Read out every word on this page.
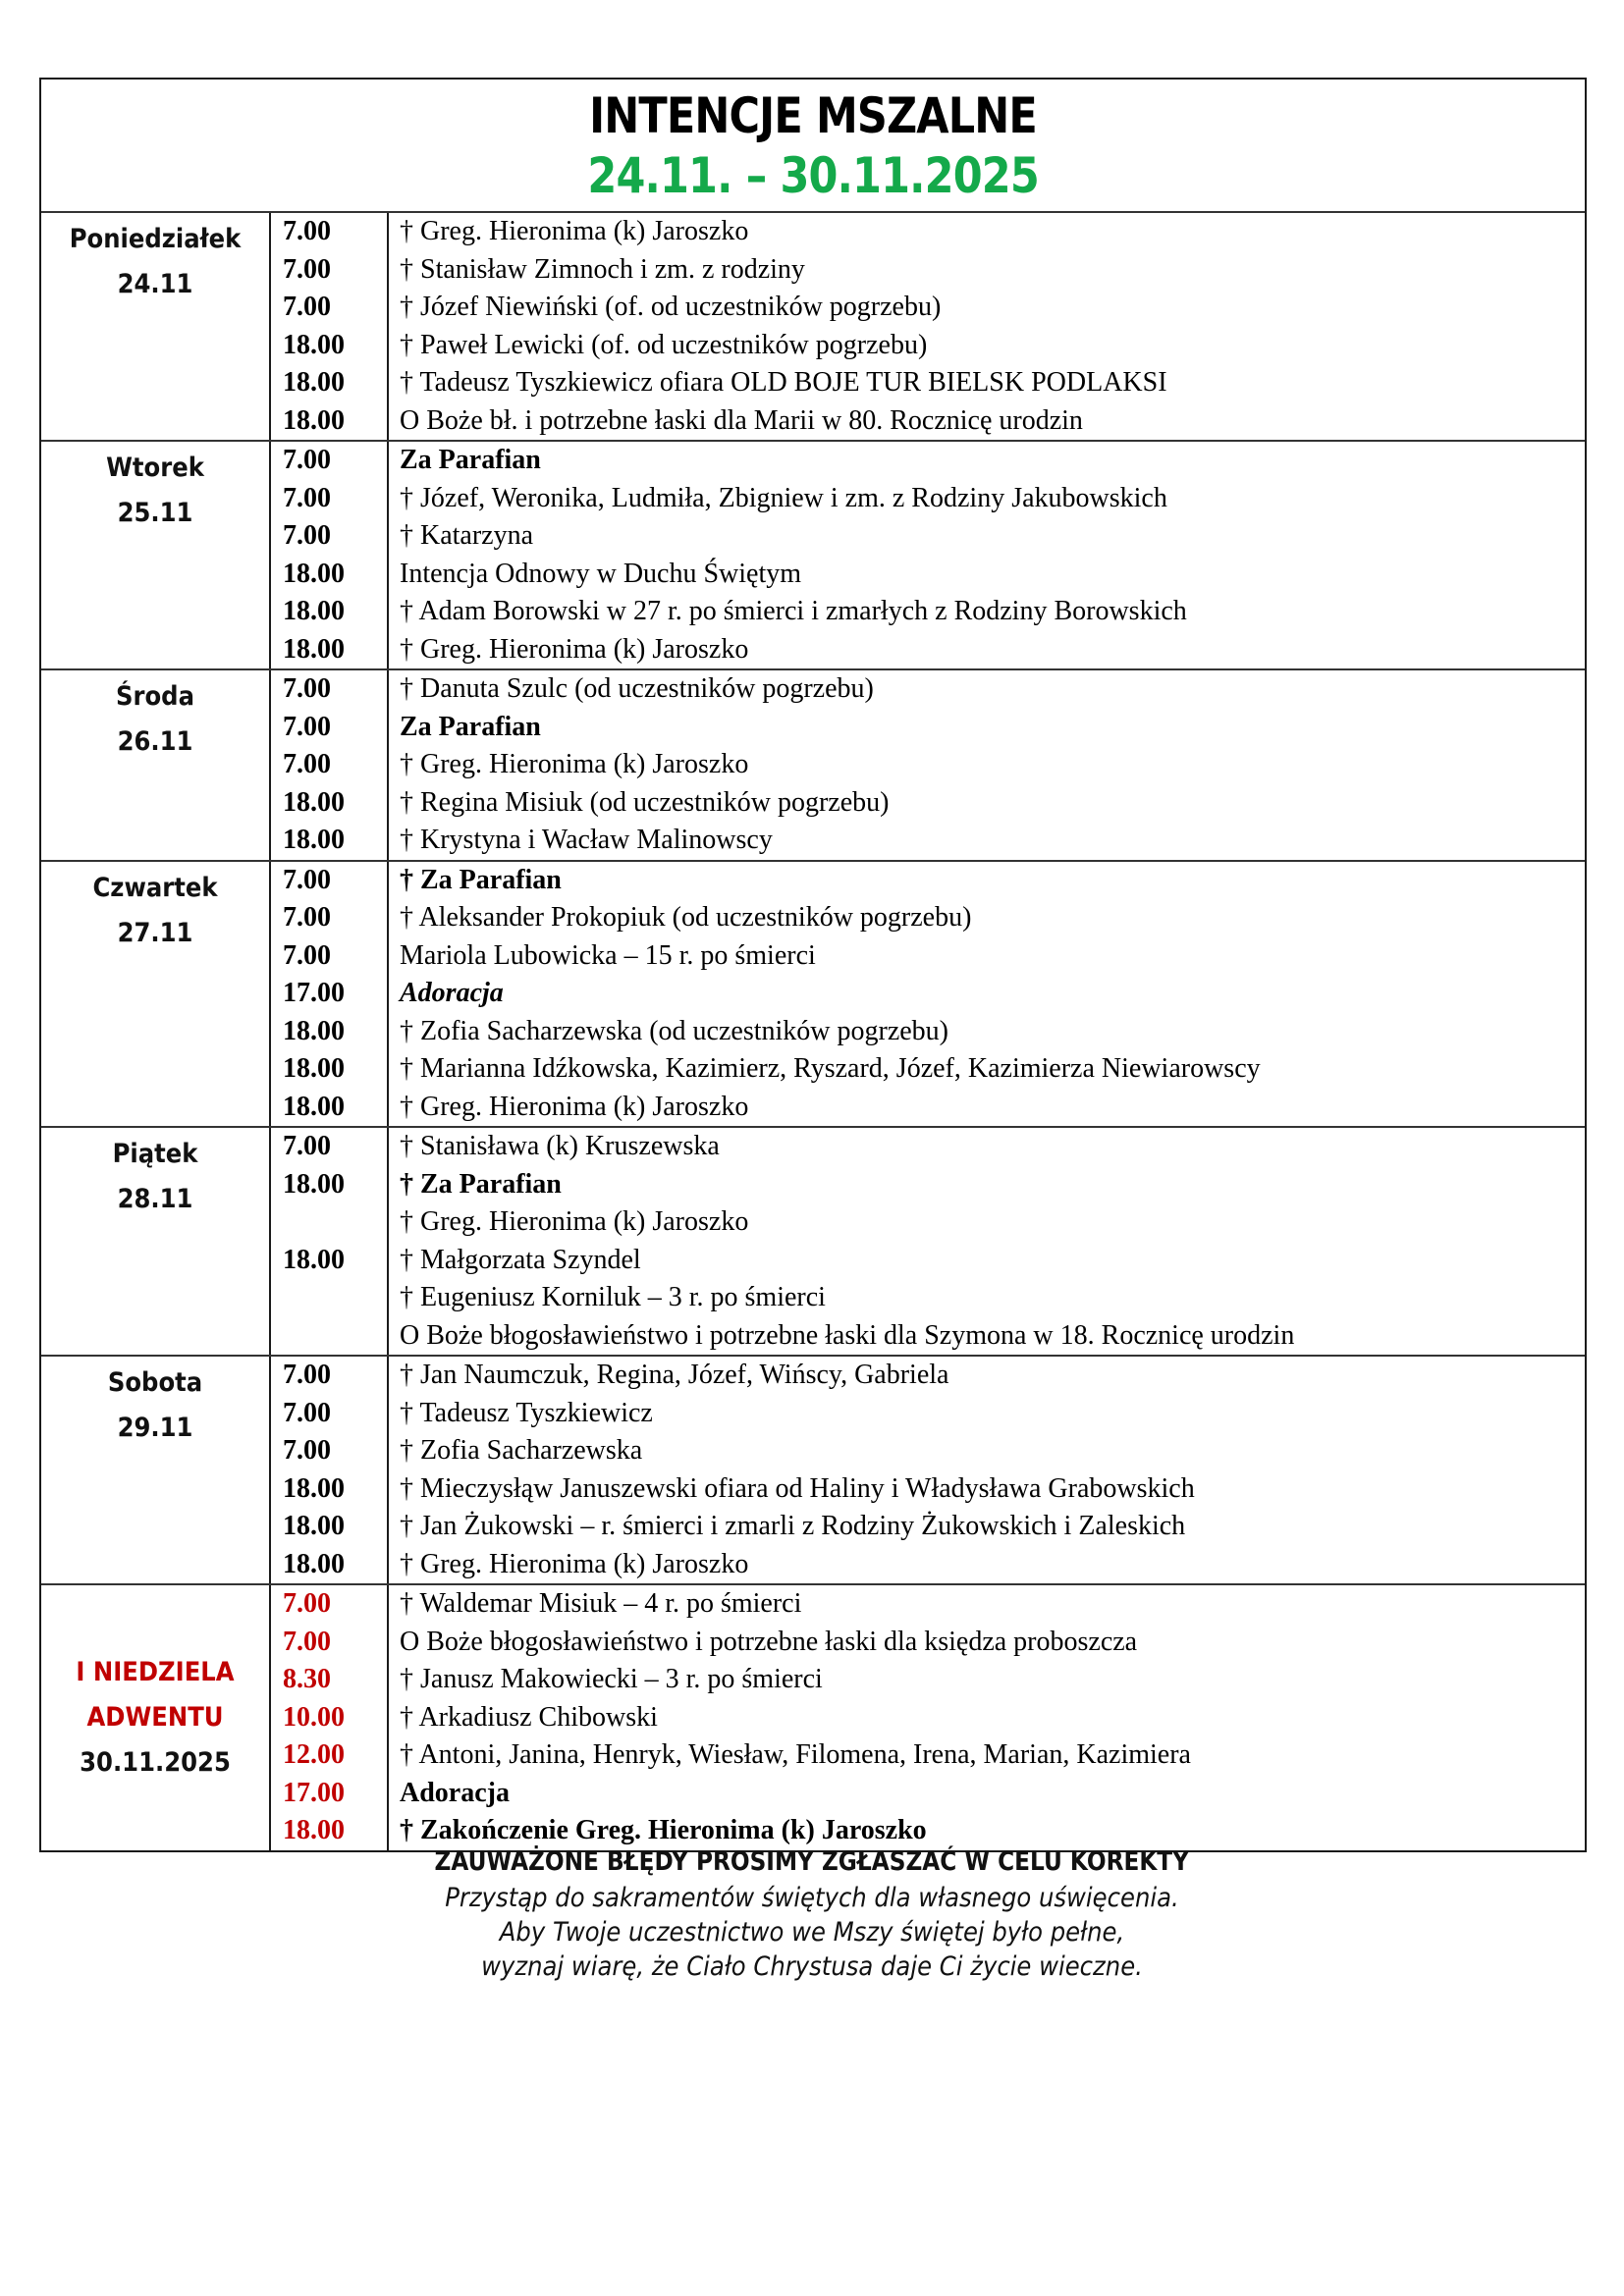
INTENCJE MSZALNE
24.11. – 30.11.2025
Poniedziałek
24.11
7.00
7.00
7.00
18.00
18.00
18.00
† Greg. Hieronima (k) Jaroszko
† Stanisław Zimnoch i zm. z rodziny
† Józef Niewiński (of. od uczestników pogrzebu)
† Paweł Lewicki (of. od uczestników pogrzebu)
† Tadeusz Tyszkiewicz ofiara OLD BOJE TUR BIELSK PODLAKSI
O Boże bł. i potrzebne łaski dla Marii w 80. Rocznicę urodzin
Wtorek
25.11
7.00
7.00
7.00
18.00
18.00
18.00
Za Parafian
† Józef, Weronika, Ludmiła, Zbigniew i zm. z Rodziny Jakubowskich
† Katarzyna
Intencja Odnowy w Duchu Świętym
† Adam Borowski w 27 r. po śmierci i zmarłych z Rodziny Borowskich
† Greg. Hieronima (k) Jaroszko
Środa
26.11
7.00
7.00
7.00
18.00
18.00
† Danuta Szulc (od uczestników pogrzebu)
Za Parafian
† Greg. Hieronima (k) Jaroszko
† Regina Misiuk (od uczestników pogrzebu)
† Krystyna i Wacław Malinowscy
Czwartek
27.11
7.00
7.00
7.00
17.00
18.00
18.00
18.00
† Za Parafian
† Aleksander Prokopiuk (od uczestników pogrzebu)
Mariola Lubowicka – 15 r. po śmierci
Adoracja
† Zofia Sacharzewska (od uczestników pogrzebu)
† Marianna Idźkowska, Kazimierz, Ryszard, Józef, Kazimierza Niewiarowscy
† Greg. Hieronima (k) Jaroszko
Piątek
28.11
7.00
18.00
18.00
† Stanisława (k) Kruszewska
† Za Parafian
† Greg. Hieronima (k) Jaroszko
† Małgorzata Szyndel
† Eugeniusz Korniluk – 3 r. po śmierci
O Boże błogosławieństwo i potrzebne łaski dla Szymona w 18. Rocznicę urodzin
Sobota
29.11
7.00
7.00
7.00
18.00
18.00
18.00
† Jan Naumczuk, Regina, Józef, Wińscy, Gabriela
† Tadeusz Tyszkiewicz
† Zofia Sacharzewska
† Mieczysłąw Januszewski ofiara od Haliny i Władysława Grabowskich
† Jan Żukowski – r. śmierci i zmarli z Rodziny Żukowskich i Zaleskich
† Greg. Hieronima (k) Jaroszko
I NIEDZIELA
ADWENTU
30.11.2025
7.00
7.00
8.30
10.00
12.00
17.00
18.00
† Waldemar Misiuk – 4 r. po śmierci
O Boże błogosławieństwo i potrzebne łaski dla księdza proboszcza
† Janusz Makowiecki – 3 r. po śmierci
† Arkadiusz Chibowski
† Antoni, Janina, Henryk, Wiesław, Filomena, Irena, Marian, Kazimiera
Adoracja
† Zakończenie Greg. Hieronima (k) Jaroszko
ZAUWAŻONE BŁĘDY PROSIMY ZGŁASZAĆ W CELU KOREKTY
Przystąp do sakramentów świętych dla własnego uświęcenia.
Aby Twoje uczestnictwo we Mszy świętej było pełne,
wyznaj wiarę, że Ciało Chrystusa daje Ci życie wieczne.
